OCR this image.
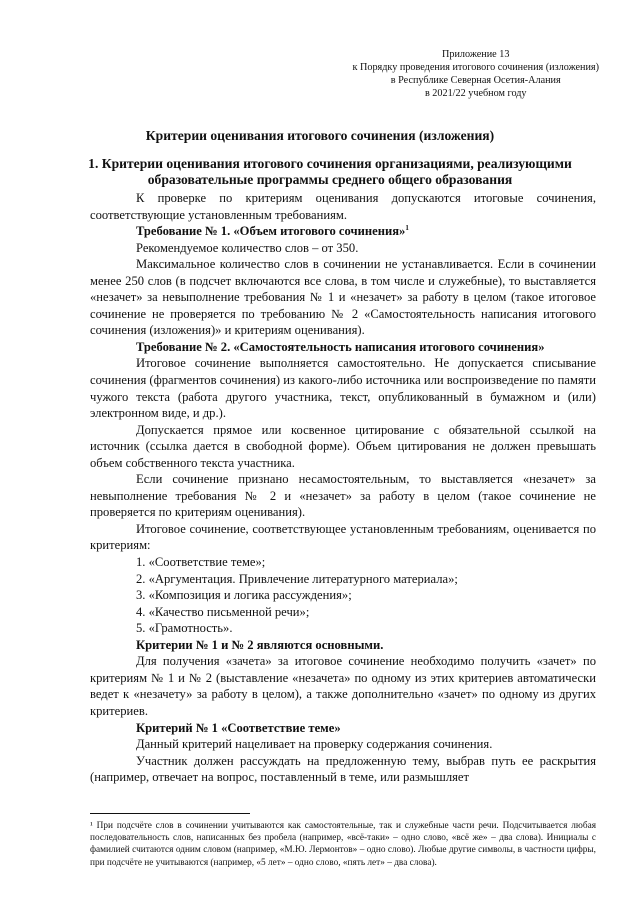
Приложение 13
к Порядку проведения итогового сочинения (изложения)
в Республике Северная Осетия-Алания
в 2021/22 учебном году
Критерии оценивания итогового сочинения (изложения)
1. Критерии оценивания итогового сочинения организациями, реализующими образовательные программы среднего общего образования

К проверке по критериям оценивания допускаются итоговые сочинения, соответствующие установленным требованиям.

Требование № 1. «Объем итогового сочинения»$^1$

Рекомендуемое количество слов – от 350.

Максимальное количество слов в сочинении не устанавливается. Если в сочинении менее 250 слов (в подсчет включаются все слова, в том числе и служебные), то выставляется «незачет» за невыполнение требования № 1 и «незачет» за работу в целом (такое итоговое сочинение не проверяется по требованию № 2 «Самостоятельность написания итогового сочинения (изложения)» и критериям оценивания).

Требование № 2. «Самостоятельность написания итогового сочинения»

Итоговое сочинение выполняется самостоятельно. Не допускается списывание сочинения (фрагментов сочинения) из какого-либо источника или воспроизведение по памяти чужого текста (работа другого участника, текст, опубликованный в бумажном и (или) электронном виде, и др.).

Допускается прямое или косвенное цитирование с обязательной ссылкой на источник (ссылка дается в свободной форме). Объем цитирования не должен превышать объем собственного текста участника.

Если сочинение признано несамостоятельным, то выставляется «незачет» за невыполнение требования № 2 и «незачет» за работу в целом (такое сочинение не проверяется по критериям оценивания).

Итоговое сочинение, соответствующее установленным требованиям, оценивается по критериям:

1. «Соответствие теме»;
2. «Аргументация. Привлечение литературного материала»;
3. «Композиция и логика рассуждения»;
4. «Качество письменной речи»;
5. «Грамотность».

Критерии № 1 и № 2 являются основными.

Для получения «зачета» за итоговое сочинение необходимо получить «зачет» по критериям № 1 и № 2 (выставление «незачета» по одному из этих критериев автоматически ведет к «незачету» за работу в целом), а также дополнительно «зачет» по одному из других критериев.

Критерий № 1 «Соответствие теме»

Данный критерий нацеливает на проверку содержания сочинения.

Участник должен рассуждать на предложенную тему, выбрав путь ее раскрытия (например, отвечает на вопрос, поставленный в теме, или размышляет

¹ При подсчёте слов в сочинении учитываются как самостоятельные, так и служебные части речи. Подсчитывается любая последовательность слов, написанных без пробела (например, «всё-таки» – одно слово, «всё же» – два слова). Инициалы с фамилией считаются одним словом (например, «М.Ю. Лермонтов» – одно слово). Любые другие символы, в частности цифры, при подсчёте не учитываются (например, «5 лет» – одно слово, «пять лет» – два слова).
